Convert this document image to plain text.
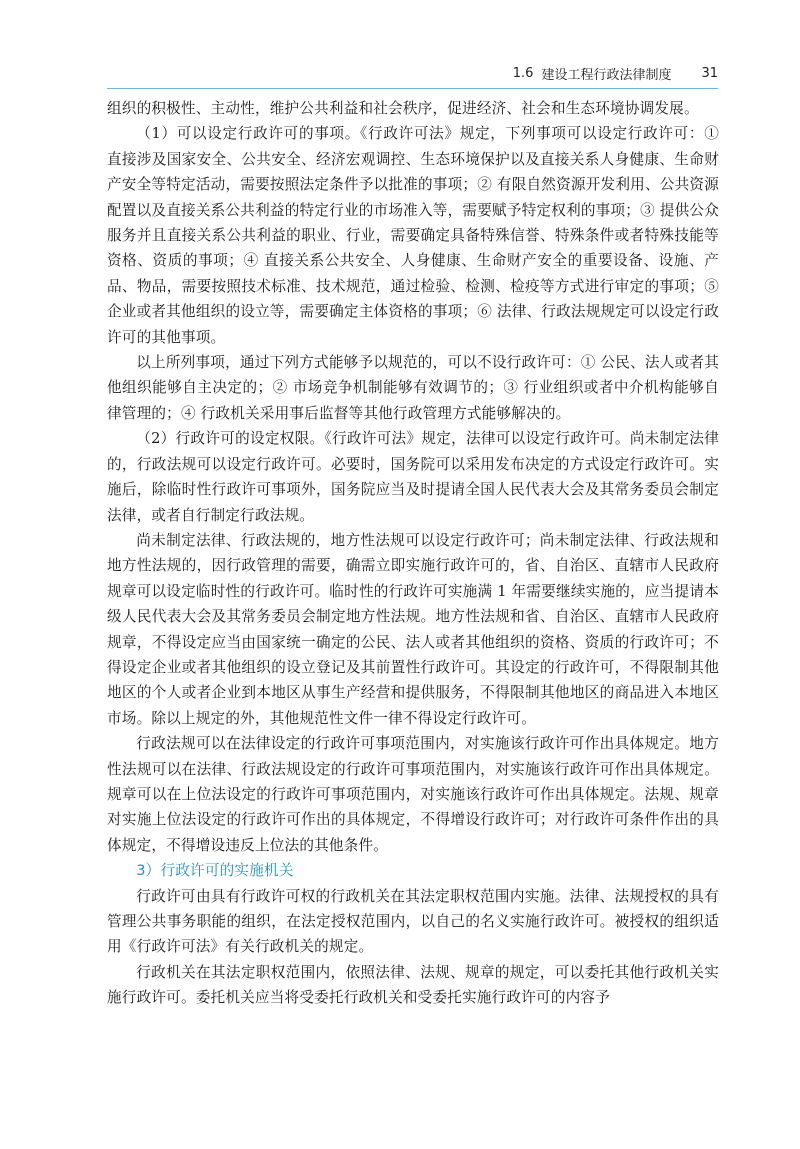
1.6 建设工程行政法律制度 31

组织的积极性、主动性，维护公共利益和社会秩序，促进经济、社会和生态环境协调发展。

（1）可以设定行政许可的事项。《行政许可法》规定，下列事项可以设定行政许可：① 直接涉及国家安全、公共安全、经济宏观调控、生态环境保护以及直接关系人身健康、生命财产安全等特定活动，需要按照法定条件予以批准的事项；② 有限自然资源开发利用、公共资源配置以及直接关系公共利益的特定行业的市场准入等，需要赋予特定权利的事项；③ 提供公众服务并且直接关系公共利益的职业、行业，需要确定具备特殊信誉、特殊条件或者特殊技能等资格、资质的事项；④ 直接关系公共安全、人身健康、生命财产安全的重要设备、设施、产品、物品，需要按照技术标准、技术规范，通过检验、检测、检疫等方式进行审定的事项；⑤ 企业或者其他组织的设立等，需要确定主体资格的事项；⑥ 法律、行政法规规定可以设定行政许可的其他事项。

以上所列事项，通过下列方式能够予以规范的，可以不设行政许可：① 公民、法人或者其他组织能够自主决定的；② 市场竞争机制能够有效调节的；③ 行业组织或者中介机构能够自律管理的；④ 行政机关采用事后监督等其他行政管理方式能够解决的。

（2）行政许可的设定权限。《行政许可法》规定，法律可以设定行政许可。尚未制定法律的，行政法规可以设定行政许可。必要时，国务院可以采用发布决定的方式设定行政许可。实施后，除临时性行政许可事项外，国务院应当及时提请全国人民代表大会及其常务委员会制定法律，或者自行制定行政法规。

尚未制定法律、行政法规的，地方性法规可以设定行政许可；尚未制定法律、行政法规和地方性法规的，因行政管理的需要，确需立即实施行政许可的，省、自治区、直辖市人民政府规章可以设定临时性的行政许可。临时性的行政许可实施满 1 年需要继续实施的，应当提请本级人民代表大会及其常务委员会制定地方性法规。地方性法规和省、自治区、直辖市人民政府规章，不得设定应当由国家统一确定的公民、法人或者其他组织的资格、资质的行政许可；不得设定企业或者其他组织的设立登记及其前置性行政许可。其设定的行政许可，不得限制其他地区的个人或者企业到本地区从事生产经营和提供服务，不得限制其他地区的商品进入本地区市场。除以上规定的外，其他规范性文件一律不得设定行政许可。

行政法规可以在法律设定的行政许可事项范围内，对实施该行政许可作出具体规定。地方性法规可以在法律、行政法规设定的行政许可事项范围内，对实施该行政许可作出具体规定。规章可以在上位法设定的行政许可事项范围内，对实施该行政许可作出具体规定。法规、规章对实施上位法设定的行政许可作出的具体规定，不得增设行政许可；对行政许可条件作出的具体规定，不得增设违反上位法的其他条件。

3）行政许可的实施机关

行政许可由具有行政许可权的行政机关在其法定职权范围内实施。法律、法规授权的具有管理公共事务职能的组织，在法定授权范围内，以自己的名义实施行政许可。被授权的组织适用《行政许可法》有关行政机关的规定。

行政机关在其法定职权范围内，依照法律、法规、规章的规定，可以委托其他行政机关实施行政许可。委托机关应当将受委托行政机关和受委托实施行政许可的内容予
